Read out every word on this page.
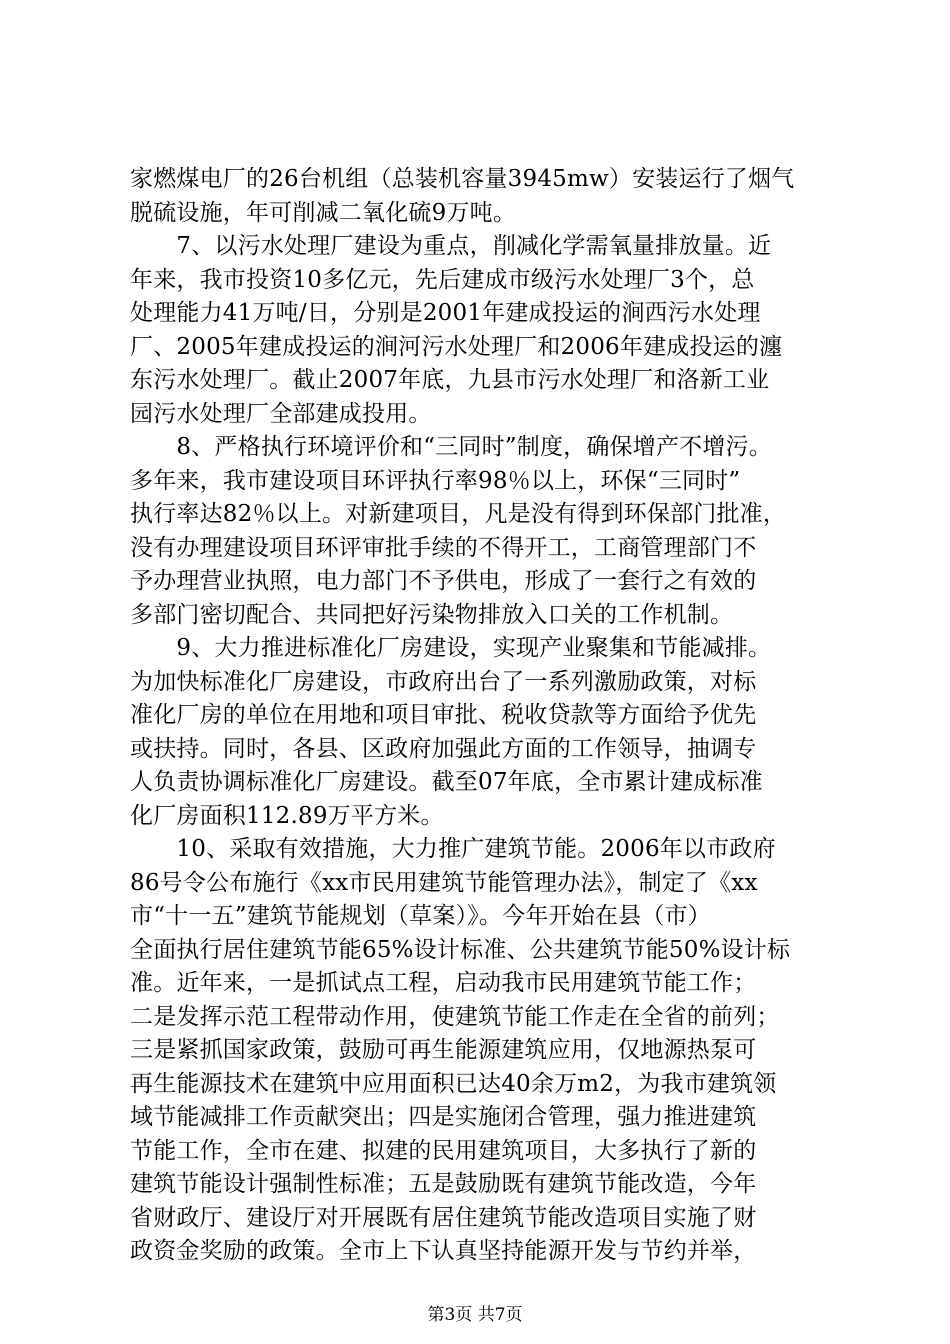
家燃煤电厂的26台机组（总装机容量3945mw）安装运行了烟气
脱硫设施，年可削减二氧化硫9万吨。
　　7、以污水处理厂建设为重点，削减化学需氧量排放量。近
年来，我市投资10多亿元，先后建成市级污水处理厂3个，总
处理能力41万吨/日，分别是2001年建成投运的涧西污水处理
厂、2005年建成投运的涧河污水处理厂和2006年建成投运的瀍
东污水处理厂。截止2007年底，九县市污水处理厂和洛新工业
园污水处理厂全部建成投用。
　　8、严格执行环境评价和“三同时”制度，确保增产不增污。
多年来，我市建设项目环评执行率98％以上，环保“三同时”
执行率达82％以上。对新建项目，凡是没有得到环保部门批准，
没有办理建设项目环评审批手续的不得开工，工商管理部门不
予办理营业执照，电力部门不予供电，形成了一套行之有效的
多部门密切配合、共同把好污染物排放入口关的工作机制。
　　9、大力推进标准化厂房建设，实现产业聚集和节能减排。
为加快标准化厂房建设，市政府出台了一系列激励政策，对标
准化厂房的单位在用地和项目审批、税收贷款等方面给予优先
或扶持。同时，各县、区政府加强此方面的工作领导，抽调专
人负责协调标准化厂房建设。截至07年底，全市累计建成标准
化厂房面积112.89万平方米。
　　10、采取有效措施，大力推广建筑节能。2006年以市政府
86号令公布施行《xx市民用建筑节能管理办法》，制定了《xx
市“十一五”建筑节能规划（草案）》。今年开始在县（市）
全面执行居住建筑节能65%设计标准、公共建筑节能50%设计标
准。近年来，一是抓试点工程，启动我市民用建筑节能工作；
二是发挥示范工程带动作用，使建筑节能工作走在全省的前列；
三是紧抓国家政策，鼓励可再生能源建筑应用，仅地源热泵可
再生能源技术在建筑中应用面积已达40余万m2，为我市建筑领
域节能减排工作贡献突出；四是实施闭合管理，强力推进建筑
节能工作，全市在建、拟建的民用建筑项目，大多执行了新的
建筑节能设计强制性标准；五是鼓励既有建筑节能改造，今年
省财政厅、建设厅对开展既有居住建筑节能改造项目实施了财
政资金奖励的政策。全市上下认真坚持能源开发与节约并举，
第3页 共7页
